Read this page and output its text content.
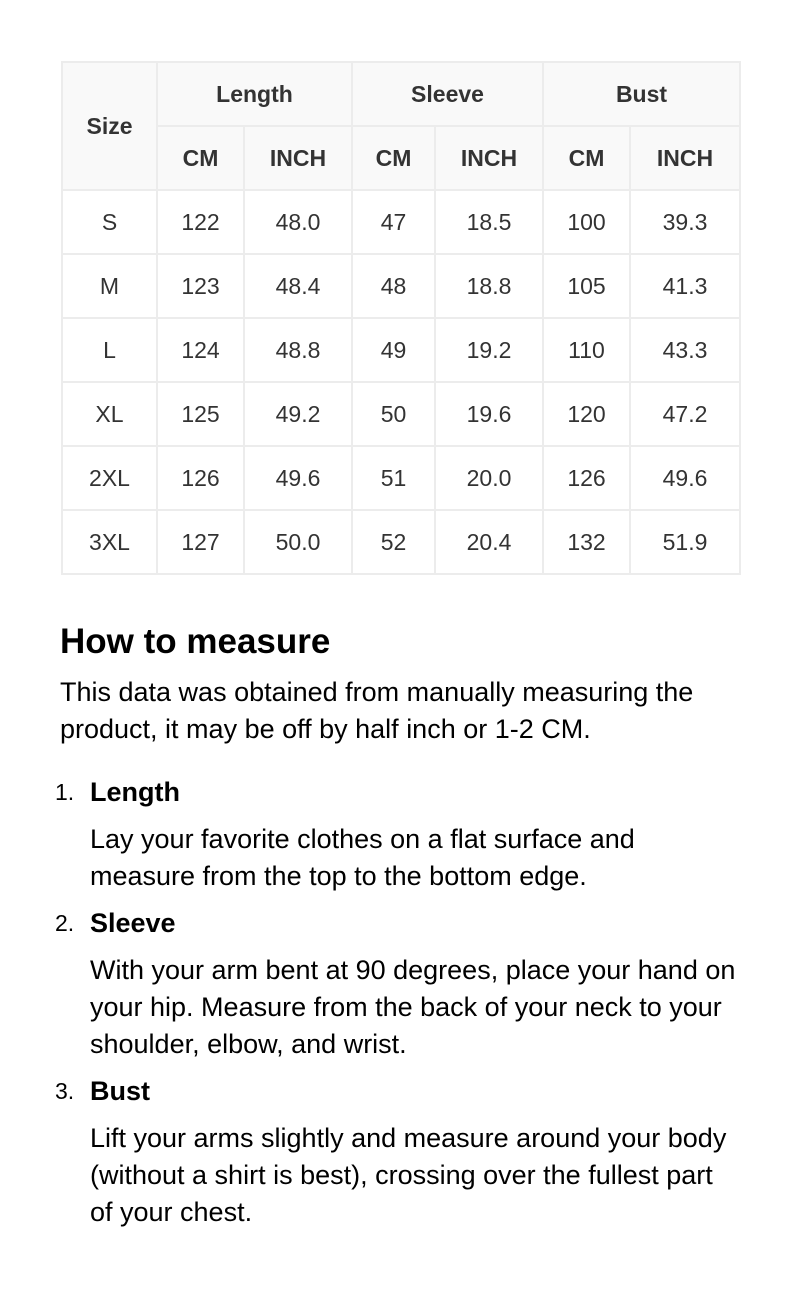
Size	Length		Sleeve		Bust	
	CM	INCH	CM	INCH	CM	INCH
S	122	48.0	47	18.5	100	39.3
M	123	48.4	48	18.8	105	41.3
L	124	48.8	49	19.2	110	43.3
XL	125	49.2	50	19.6	120	47.2
2XL	126	49.6	51	20.0	126	49.6
3XL	127	50.0	52	20.4	132	51.9
How to measure

This data was obtained from manually measuring the product, it may be off by half inch or 1-2 CM.

1. Length
Lay your favorite clothes on a flat surface and measure from the top to the bottom edge.
2. Sleeve
With your arm bent at 90 degrees, place your hand on your hip. Measure from the back of your neck to your shoulder, elbow, and wrist.
3. Bust
Lift your arms slightly and measure around your body (without a shirt is best), crossing over the fullest part of your chest.
